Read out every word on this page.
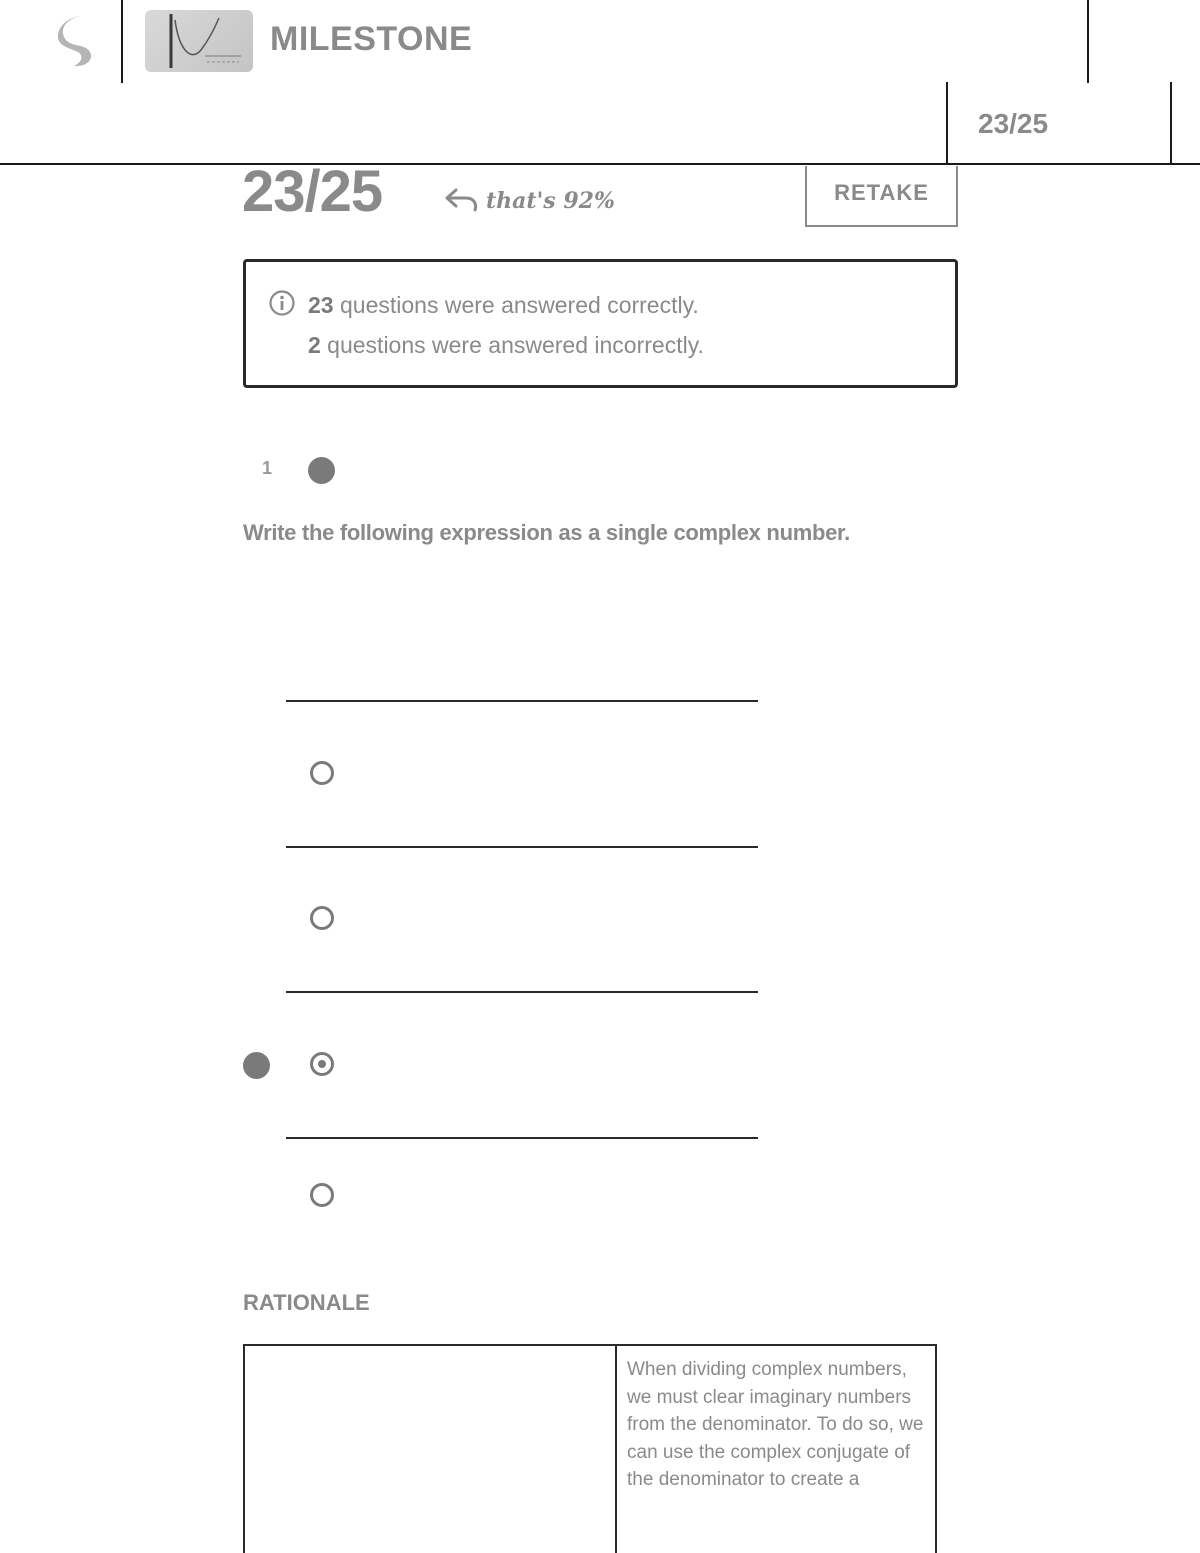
MILESTONE
23/25
23/25	that's 92%	RETAKE
23 questions were answered correctly.
2 questions were answered incorrectly.
1
Write the following expression as a single complex number.
RATIONALE
When dividing complex numbers, we must clear imaginary numbers from the denominator. To do so, we can use the complex conjugate of the denominator to create a
